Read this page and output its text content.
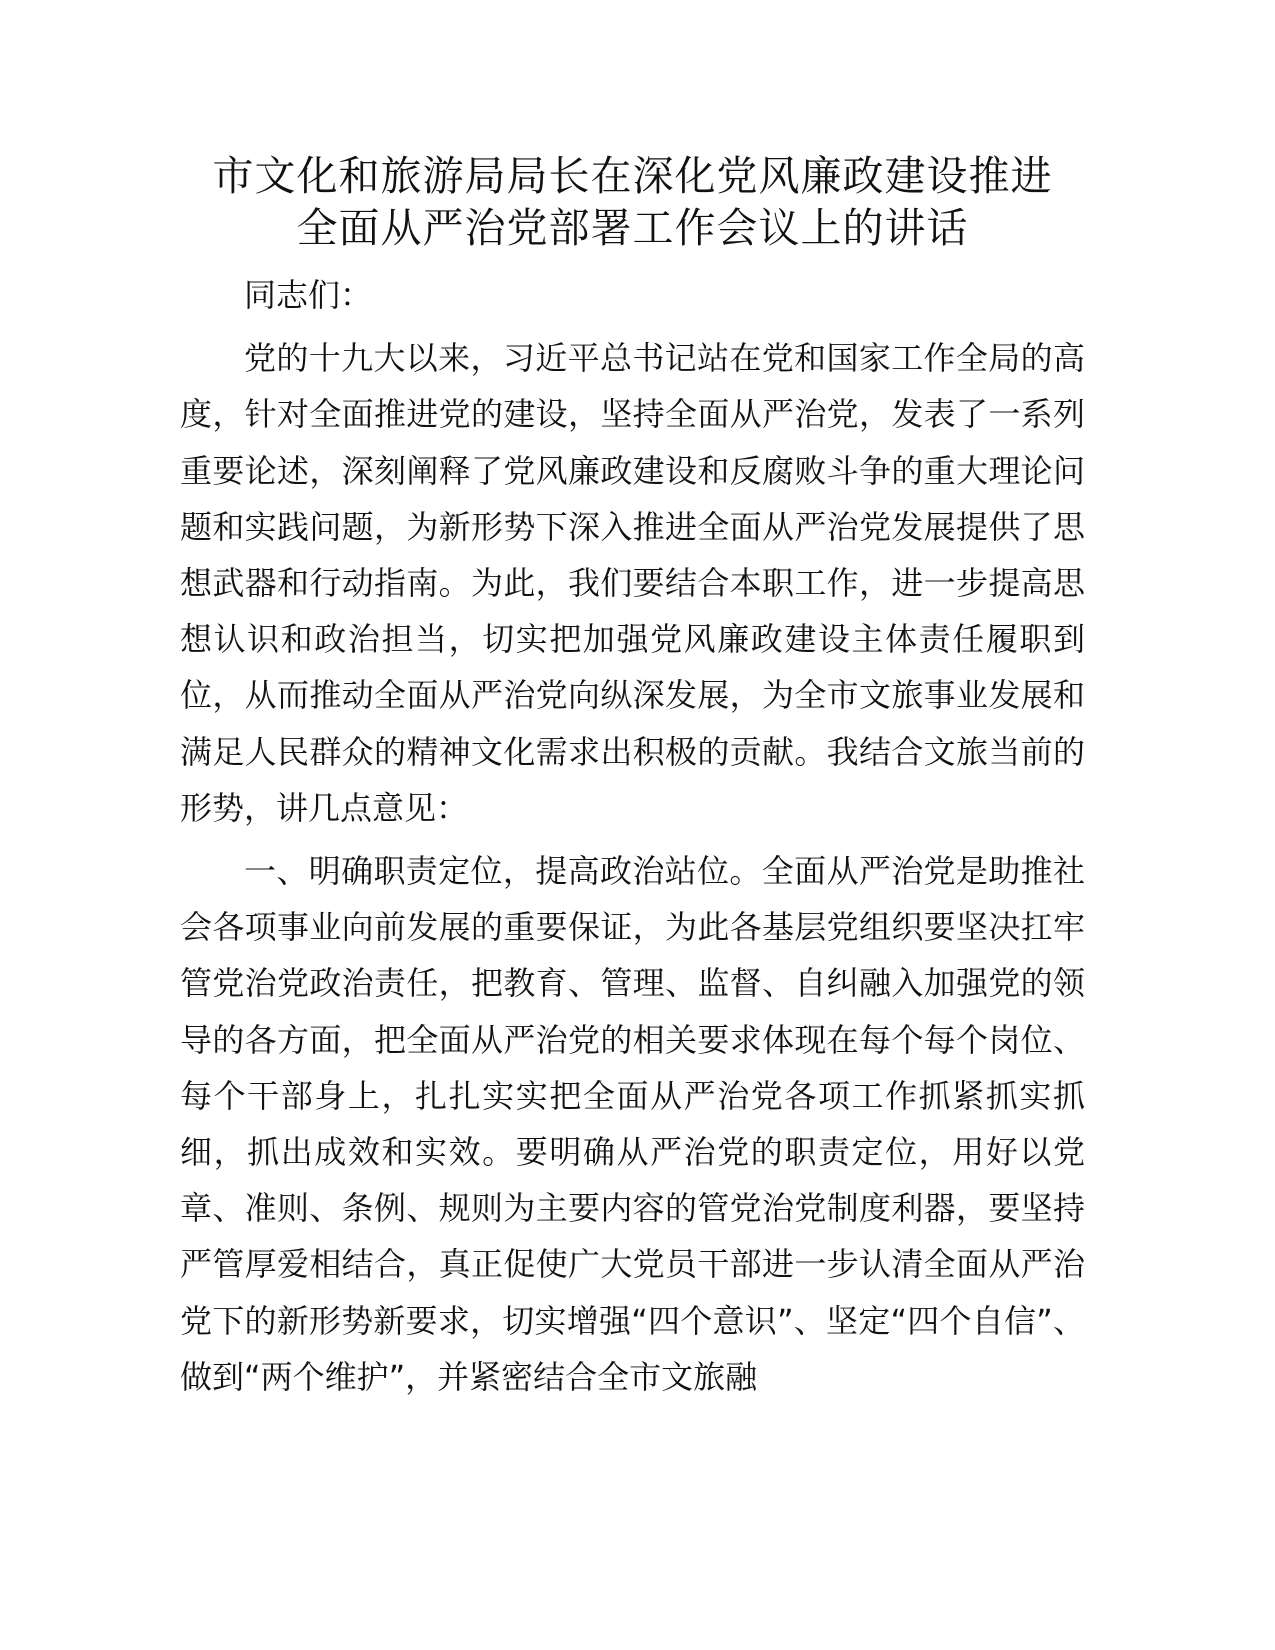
市文化和旅游局局长在深化党风廉政建设推进
全面从严治党部署工作会议上的讲话

同志们：

党的十九大以来，习近平总书记站在党和国家工作全局的高度，针对全面推进党的建设，坚持全面从严治党，发表了一系列重要论述，深刻阐释了党风廉政建设和反腐败斗争的重大理论问题和实践问题，为新形势下深入推进全面从严治党发展提供了思想武器和行动指南。为此，我们要结合本职工作，进一步提高思想认识和政治担当，切实把加强党风廉政建设主体责任履职到位，从而推动全面从严治党向纵深发展，为全市文旅事业发展和满足人民群众的精神文化需求出积极的贡献。我结合文旅当前的形势，讲几点意见：

一、明确职责定位，提高政治站位。全面从严治党是助推社会各项事业向前发展的重要保证，为此各基层党组织要坚决扛牢管党治党政治责任，把教育、管理、监督、自纠融入加强党的领导的各方面，把全面从严治党的相关要求体现在每个每个岗位、每个干部身上，扎扎实实把全面从严治党各项工作抓紧抓实抓细，抓出成效和实效。要明确从严治党的职责定位，用好以党章、准则、条例、规则为主要内容的管党治党制度利器，要坚持严管厚爱相结合，真正促使广大党员干部进一步认清全面从严治党下的新形势新要求，切实增强“四个意识”、坚定“四个自信”、做到“两个维护”，并紧密结合全市文旅融
